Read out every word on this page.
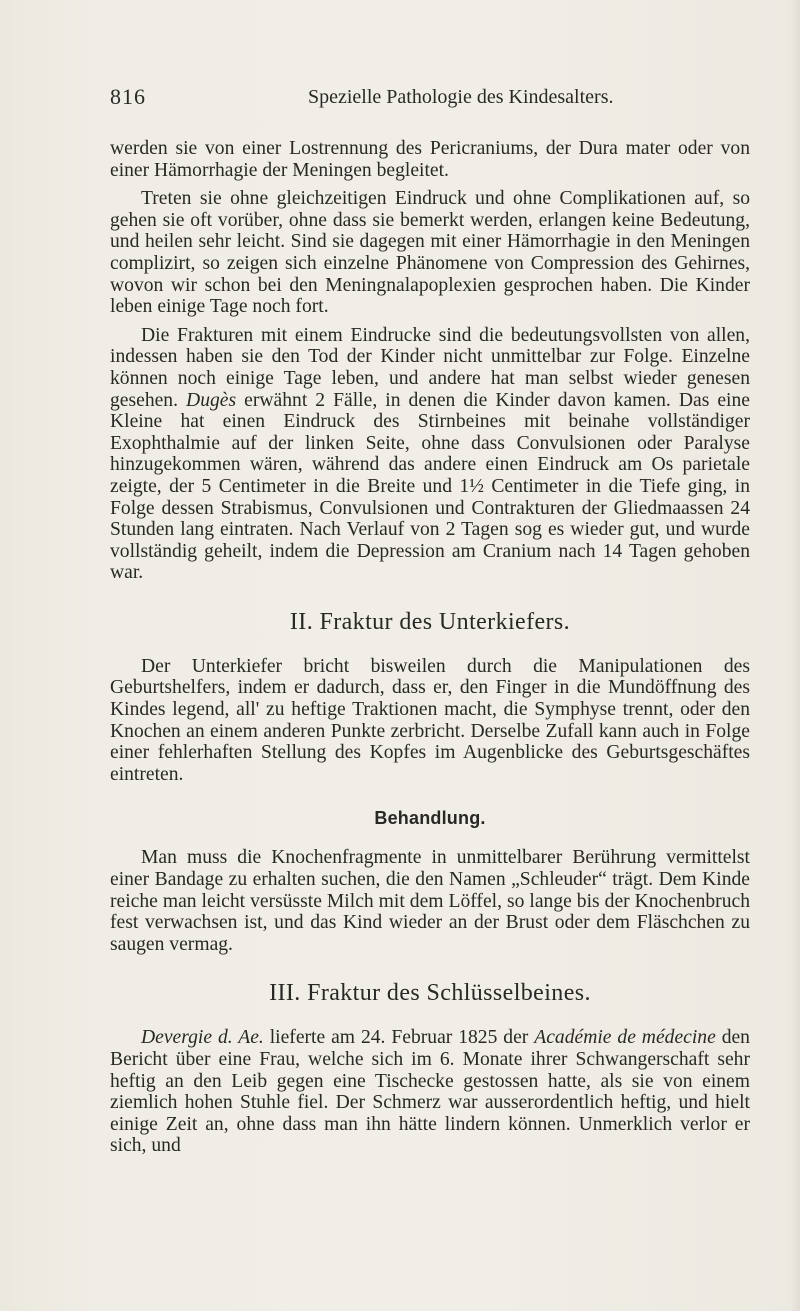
816	Spezielle Pathologie des Kindesalters.

werden sie von einer Lostrennung des Pericraniums, der Dura mater oder von einer Hämorrhagie der Meningen begleitet.

Treten sie ohne gleichzeitigen Eindruck und ohne Complikationen auf, so gehen sie oft vorüber, ohne dass sie bemerkt werden, erlangen keine Bedeutung, und heilen sehr leicht. Sind sie dagegen mit einer Hämorrhagie in den Meningen complizirt, so zeigen sich einzelne Phänomene von Compression des Gehirnes, wovon wir schon bei den Meningnalapoplexien gesprochen haben. Die Kinder leben einige Tage noch fort.

Die Frakturen mit einem Eindrucke sind die bedeutungsvollsten von allen, indessen haben sie den Tod der Kinder nicht unmittelbar zur Folge. Einzelne können noch einige Tage leben, und andere hat man selbst wieder genesen gesehen. Dugès erwähnt 2 Fälle, in denen die Kinder davon kamen. Das eine Kleine hat einen Eindruck des Stirnbeines mit beinahe vollständiger Exophthalmie auf der linken Seite, ohne dass Convulsionen oder Paralyse hinzugekommen wären, während das andere einen Eindruck am Os parietale zeigte, der 5 Centimeter in die Breite und 1½ Centimeter in die Tiefe ging, in Folge dessen Strabismus, Convulsionen und Contrakturen der Gliedmaassen 24 Stunden lang eintraten. Nach Verlauf von 2 Tagen sog es wieder gut, und wurde vollständig geheilt, indem die Depression am Cranium nach 14 Tagen gehoben war.

II. Fraktur des Unterkiefers.

Der Unterkiefer bricht bisweilen durch die Manipulationen des Geburtshelfers, indem er dadurch, dass er, den Finger in die Mundöffnung des Kindes legend, all' zu heftige Traktionen macht, die Symphyse trennt, oder den Knochen an einem anderen Punkte zerbricht. Derselbe Zufall kann auch in Folge einer fehlerhaften Stellung des Kopfes im Augenblicke des Geburtsgeschäftes eintreten.

Behandlung.

Man muss die Knochenfragmente in unmittelbarer Berührung vermittelst einer Bandage zu erhalten suchen, die den Namen „Schleuder“ trägt. Dem Kinde reiche man leicht versüsste Milch mit dem Löffel, so lange bis der Knochenbruch fest verwachsen ist, und das Kind wieder an der Brust oder dem Fläschchen zu saugen vermag.

III. Fraktur des Schlüsselbeines.

Devergie d. Ae. lieferte am 24. Februar 1825 der Académie de médecine den Bericht über eine Frau, welche sich im 6. Monate ihrer Schwangerschaft sehr heftig an den Leib gegen eine Tischecke gestossen hatte, als sie von einem ziemlich hohen Stuhle fiel. Der Schmerz war ausserordentlich heftig, und hielt einige Zeit an, ohne dass man ihn hätte lindern können. Unmerklich verlor er sich, und
